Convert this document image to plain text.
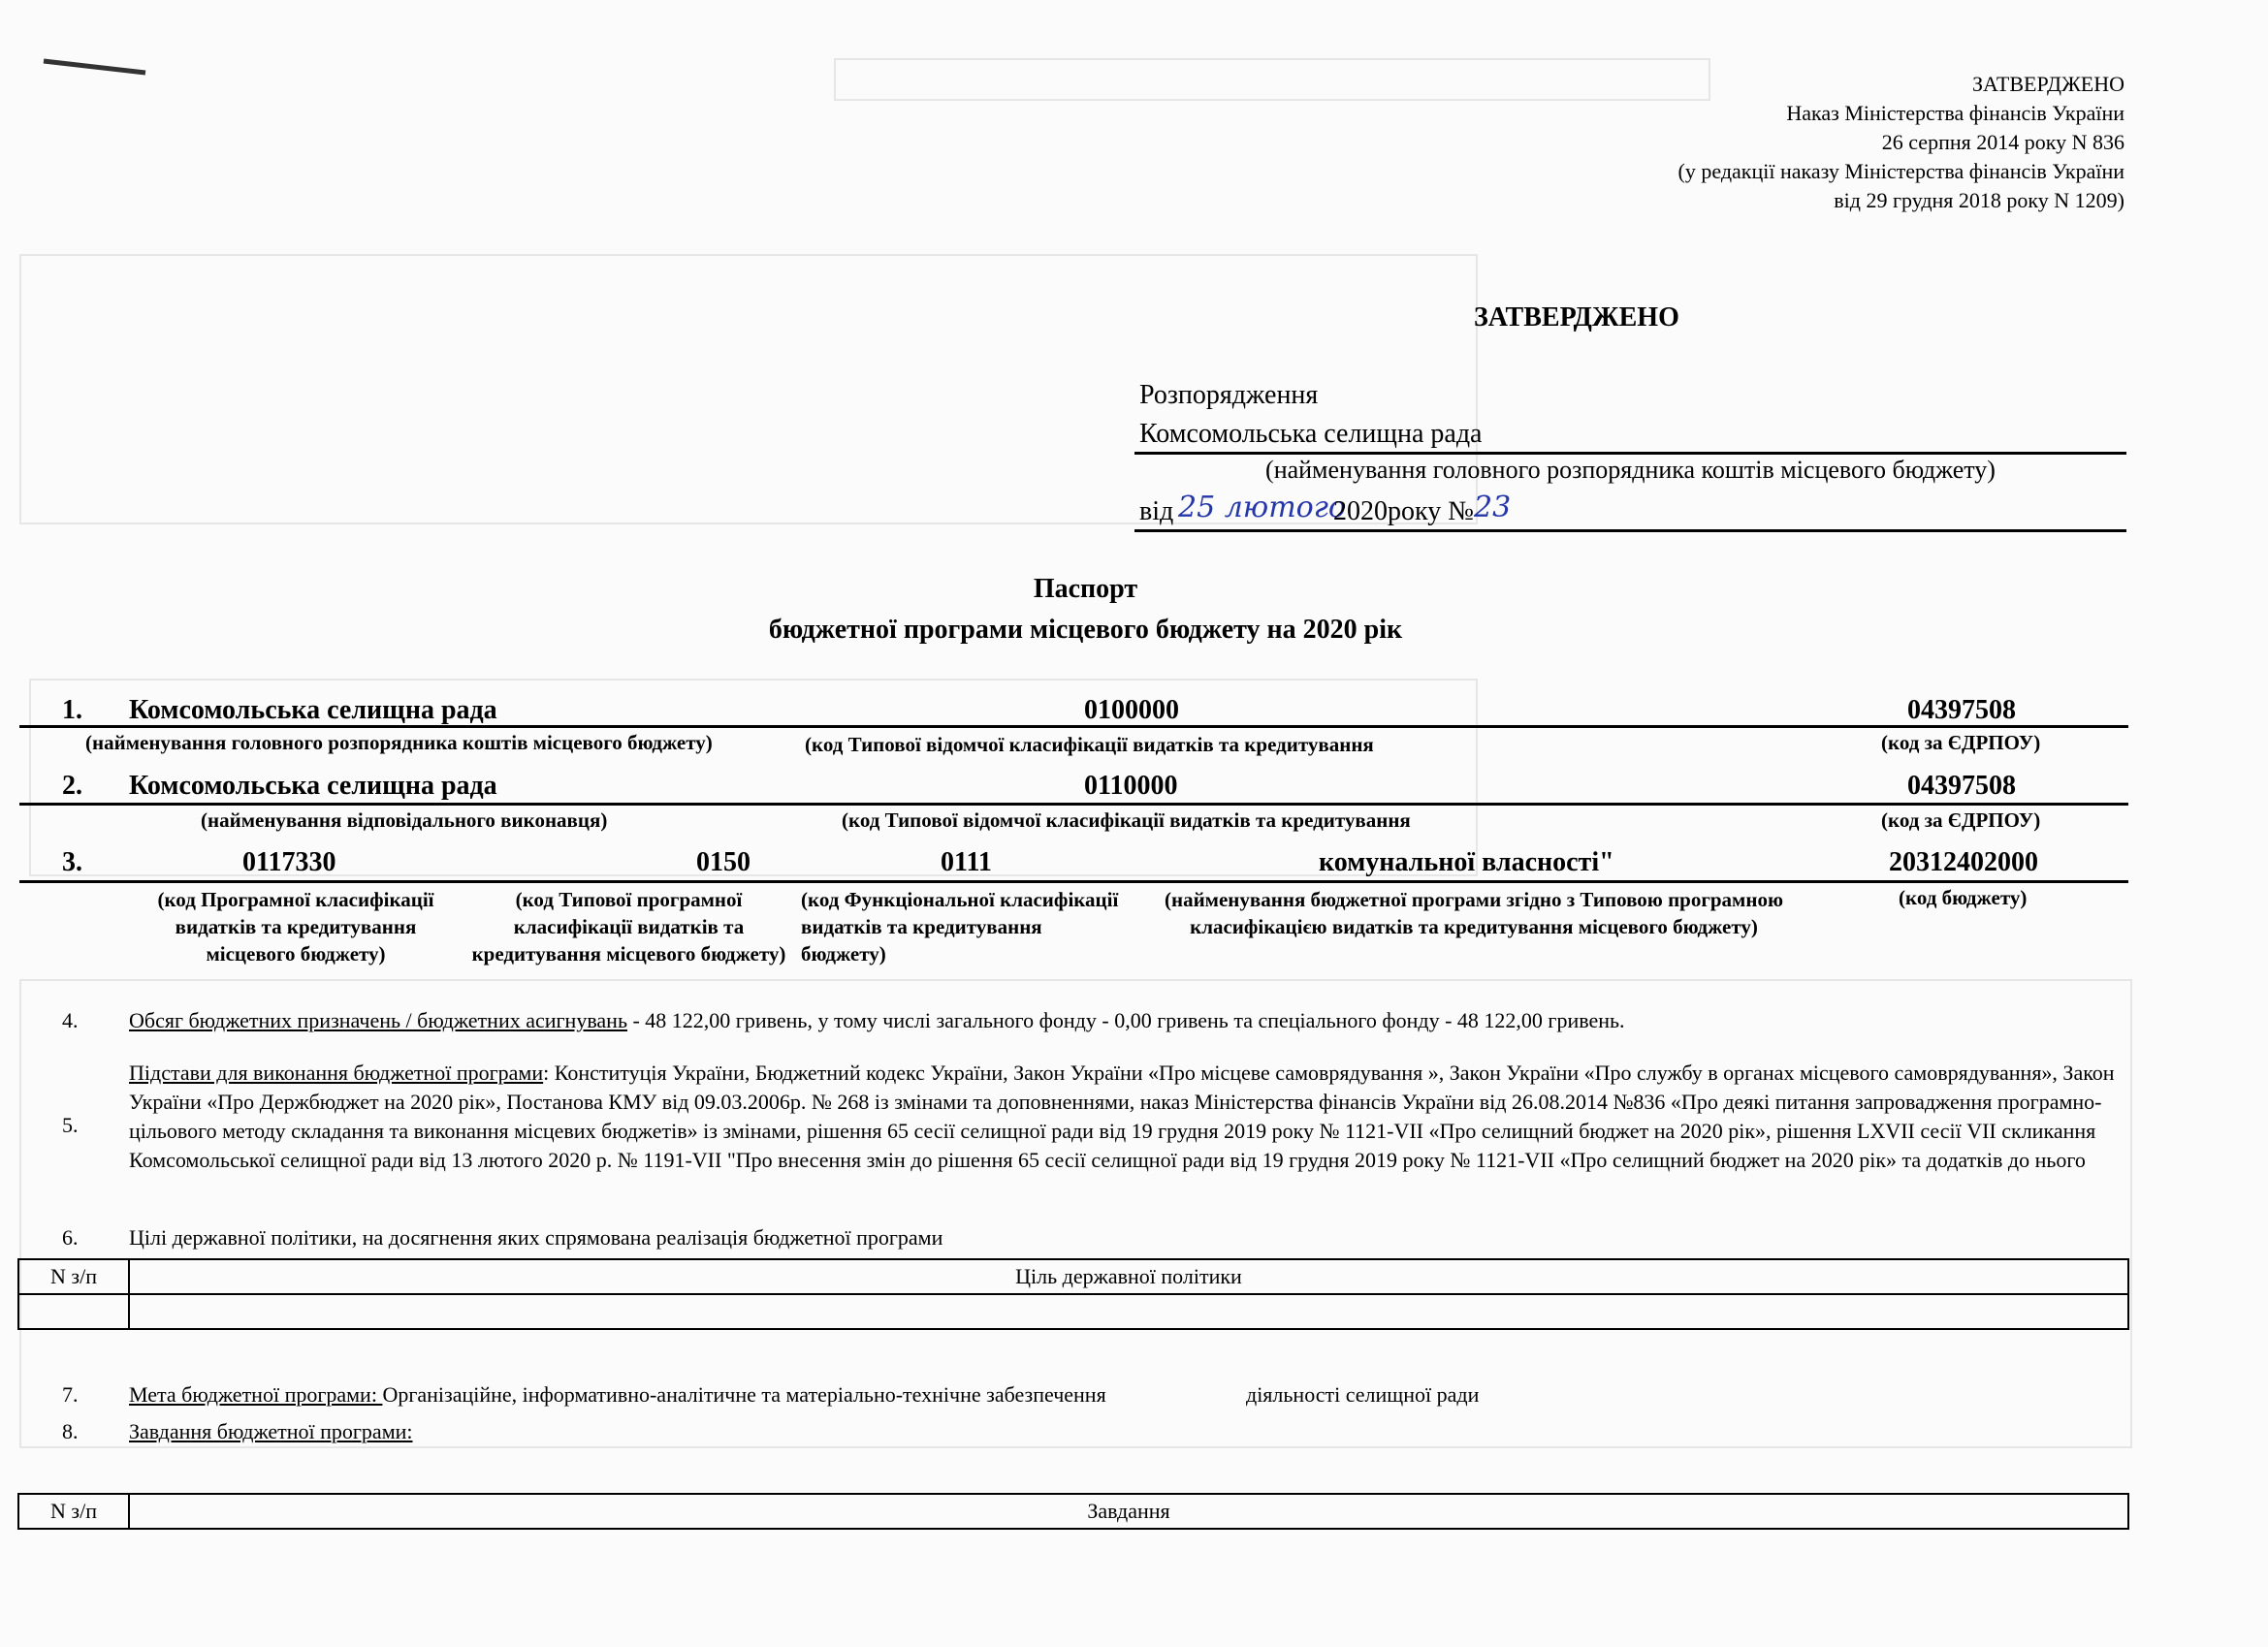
ЗАТВЕРДЖЕНО
Наказ Міністерства фінансів України
26 серпня 2014 року N 836
(у редакції наказу Міністерства фінансів України
від 29 грудня 2018 року N 1209)
ЗАТВЕРДЖЕНО
Розпорядження
Комсомольська селищна рада
(найменування головного розпорядника коштів місцевого бюджету)
від 25 лютого
2020року № 23
Паспорт
бюджетної програми місцевого бюджету на 2020 рік
1. Комсомольська селищна рада	0100000	04397508
(найменування головного розпорядника коштів місцевого бюджету)	(код Типової відомчої класифікації видатків та кредитування	(код за ЄДРПОУ)
2. Комсомольська селищна рада	0110000	04397508
(найменування відповідального виконавця)	(код Типової відомчої класифікації видатків та кредитування	(код за ЄДРПОУ)
3.	0117330	0150	0111	комунальної власності"	20312402000
(код Програмної класифікації
видатків та кредитування
місцевого бюджету)
(код Типової програмної
класифікації видатків та
кредитування місцевого бюджету)
(код Функціональної класифікації
видатків та кредитування
бюджету)
(найменування бюджетної програми згідно з Типовою програмною
класифікацією видатків та кредитування місцевого бюджету)
(код бюджету)
4. Обсяг бюджетних призначень / бюджетних асигнувань - 48 122,00 гривень, у тому числі загального фонду - 0,00 гривень та спеціального фонду - 48 122,00 гривень.
5.
Підстави для виконання бюджетної програми: Конституція України, Бюджетний кодекс України, Закон України «Про місцеве самоврядування », Закон України «Про службу в органах місцевого самоврядування», Закон України «Про Держбюджет на 2020 рік», Постанова КМУ від 09.03.2006р. № 268 із змінами та доповненнями, наказ Міністерства фінансів України від 26.08.2014 №836 «Про деякі питання запровадження програмно-цільового методу складання та виконання місцевих бюджетів» із змінами, рішення 65 сесії селищної ради від 19 грудня 2019 року № 1121-VII «Про селищний бюджет на 2020 рік», рішення LXVII сесії VII скликання Комсомольської селищної ради від 13 лютого 2020 р. № 1191-VII "Про внесення змін до рішення 65 сесії селищної ради від 19 грудня 2019 року № 1121-VII «Про селищний бюджет на 2020 рік» та додатків до нього
6. Цілі державної політики, на досягнення яких спрямована реалізація бюджетної програми
N з/п	Ціль державної політики

7. Мета бюджетної програми: Організаційне, інформативно-аналітичне та матеріально-технічне забезпечення	діяльності селищної ради
8. Завдання бюджетної програми:
N з/п	Завдання
